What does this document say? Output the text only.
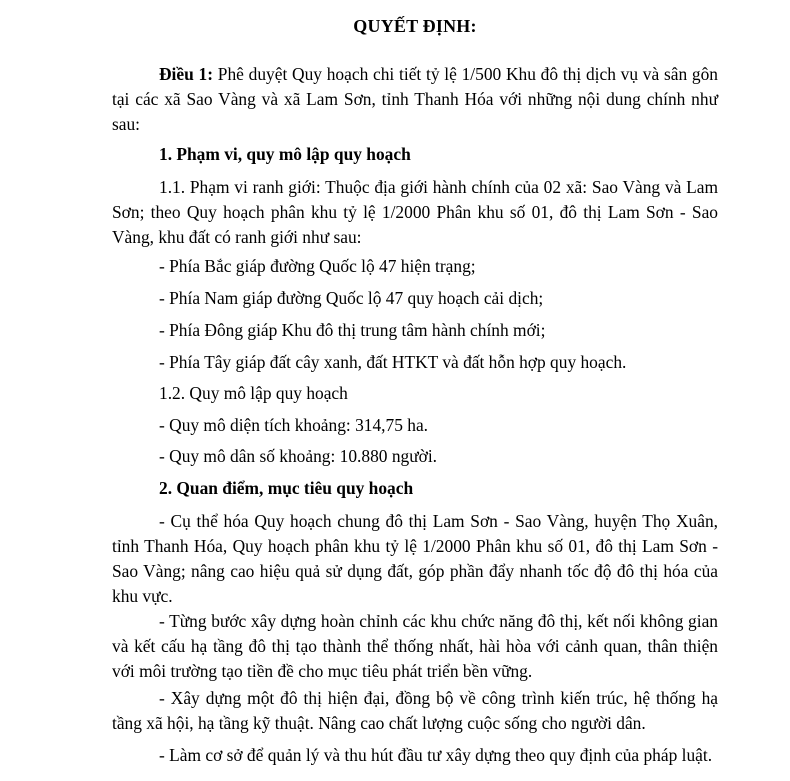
QUYẾT ĐỊNH:

Điều 1: Phê duyệt Quy hoạch chi tiết tỷ lệ 1/500 Khu đô thị dịch vụ và sân gôn tại các xã Sao Vàng và xã Lam Sơn, tỉnh Thanh Hóa với những nội dung chính như sau:

1. Phạm vi, quy mô lập quy hoạch

1.1. Phạm vi ranh giới: Thuộc địa giới hành chính của 02 xã: Sao Vàng và Lam Sơn; theo Quy hoạch phân khu tỷ lệ 1/2000 Phân khu số 01, đô thị Lam Sơn - Sao Vàng, khu đất có ranh giới như sau:

- Phía Bắc giáp đường Quốc lộ 47 hiện trạng;

- Phía Nam giáp đường Quốc lộ 47 quy hoạch cải dịch;

- Phía Đông giáp Khu đô thị trung tâm hành chính mới;

- Phía Tây giáp đất cây xanh, đất HTKT và đất hỗn hợp quy hoạch.

1.2. Quy mô lập quy hoạch

- Quy mô diện tích khoảng: 314,75 ha.

- Quy mô dân số khoảng: 10.880 người.

2. Quan điểm, mục tiêu quy hoạch

- Cụ thể hóa Quy hoạch chung đô thị Lam Sơn - Sao Vàng, huyện Thọ Xuân, tỉnh Thanh Hóa, Quy hoạch phân khu tỷ lệ 1/2000 Phân khu số 01, đô thị Lam Sơn - Sao Vàng; nâng cao hiệu quả sử dụng đất, góp phần đẩy nhanh tốc độ đô thị hóa của khu vực.

- Từng bước xây dựng hoàn chỉnh các khu chức năng đô thị, kết nối không gian và kết cấu hạ tầng đô thị tạo thành thể thống nhất, hài hòa với cảnh quan, thân thiện với môi trường tạo tiền đề cho mục tiêu phát triển bền vững.

- Xây dựng một đô thị hiện đại, đồng bộ về công trình kiến trúc, hệ thống hạ tầng xã hội, hạ tầng kỹ thuật. Nâng cao chất lượng cuộc sống cho người dân.

- Làm cơ sở để quản lý và thu hút đầu tư xây dựng theo quy định của pháp luật.
